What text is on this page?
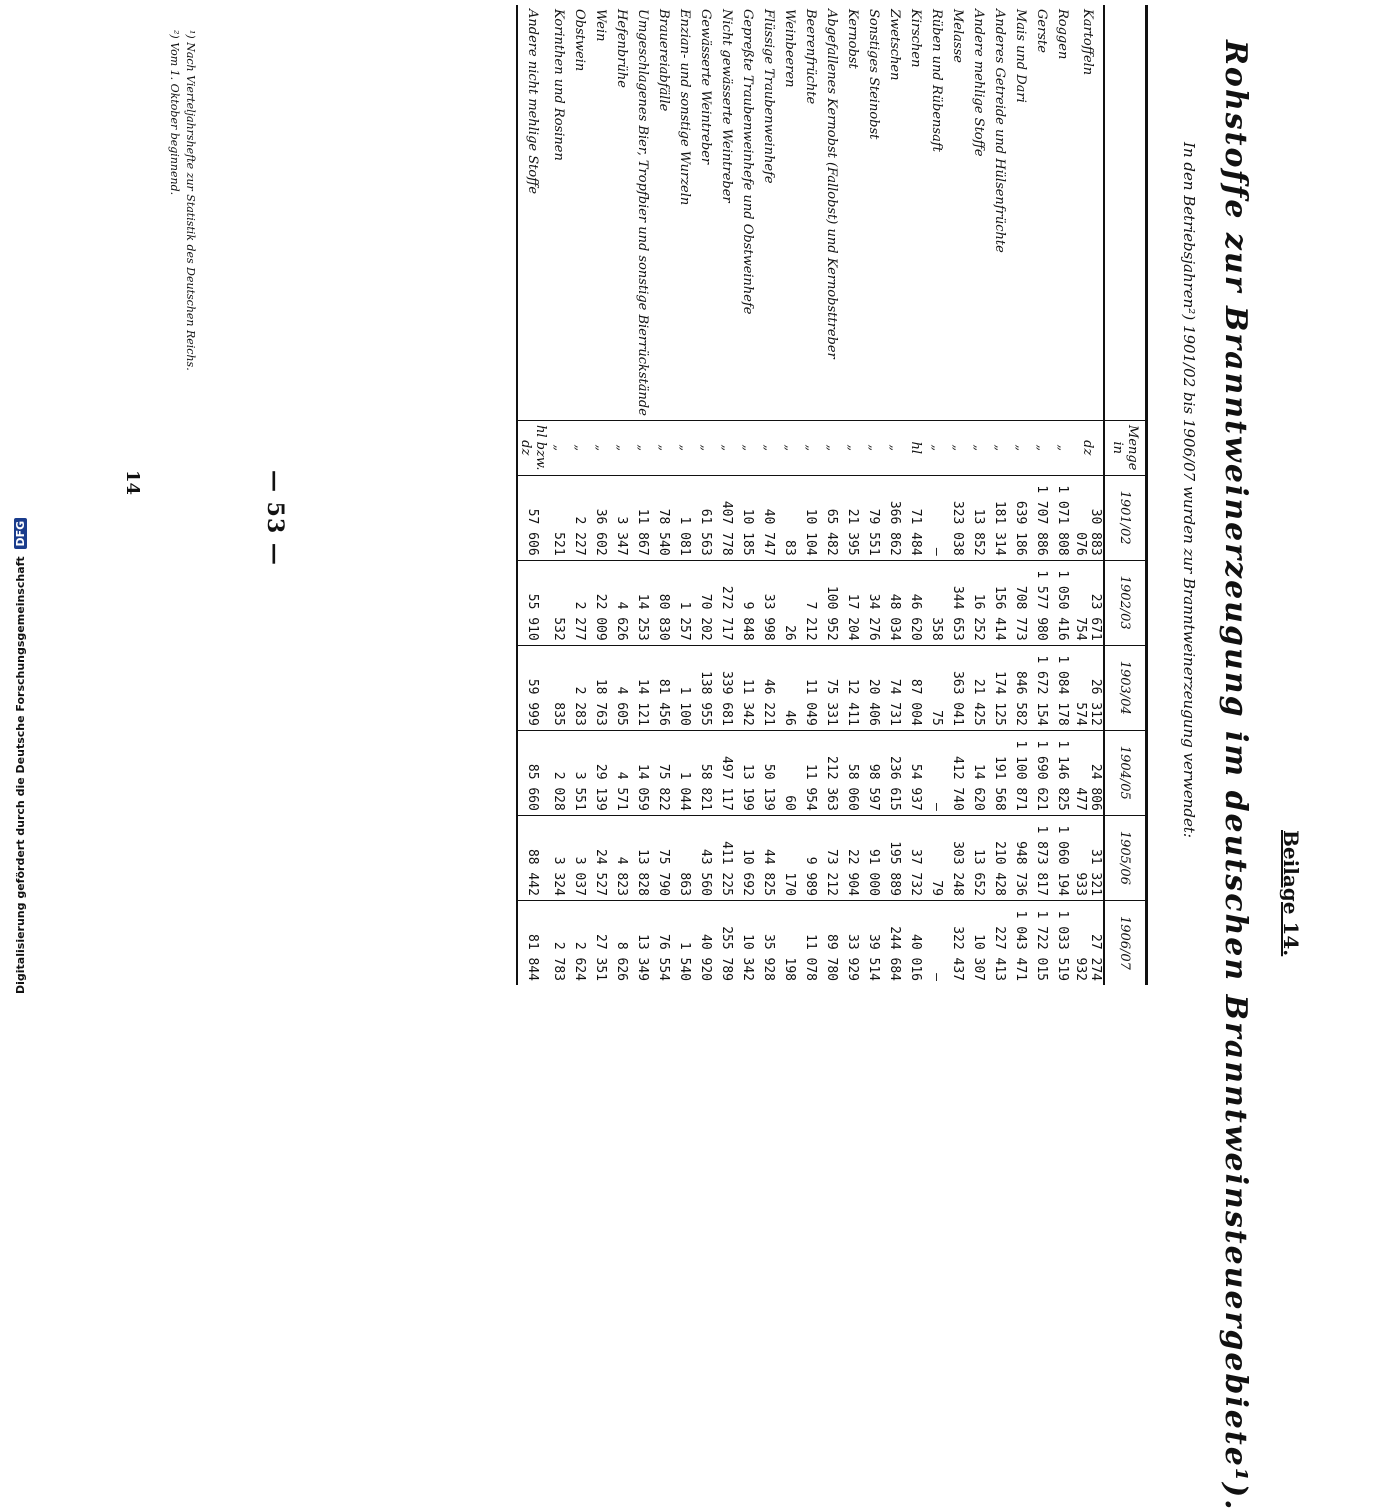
— 53 —
Beilage 14.
Rohstoffe zur Branntweinerzeugung im deutschen Branntweinsteuergebiete¹).
In den Betriebsjahren²) 1901/02 bis 1906/07 wurden zur Branntweinerzeugung verwendet:
	Menge in	1901/02	1902/03	1903/04	1904/05	1905/06	1906/07
Kartoffeln	dz	30 883 076	23 671 754	26 312 574	24 806 477	31 321 933	27 274 932
Roggen	„	1 071 808	1 050 416	1 084 178	1 146 825	1 060 194	1 033 519
Gerste	„	1 707 886	1 577 980	1 672 154	1 690 621	1 873 817	1 722 015
Mais und Dari	„	639 186	708 773	846 582	1 100 871	948 736	1 043 471
Anderes Getreide und Hülsenfrüchte	„	181 314	156 414	174 125	191 568	210 428	227 413
Andere mehlige Stoffe	„	13 852	16 252	21 425	14 620	13 652	10 307
Melasse	„	323 038	344 653	363 041	412 740	303 248	322 437
Rüben und Rübensaft	„	—	358	75	—	79	—
Kirschen	hl	71 484	46 620	87 004	54 937	37 732	40 016
Zwetschen	„	366 862	48 034	74 731	236 615	195 889	244 684
Sonstiges Steinobst	„	79 551	34 276	20 406	98 597	91 000	39 514
Kernobst	„	21 395	17 204	12 411	58 060	22 904	33 929
Abgefallenes Kernobst (Fallobst) und Kernobsttreber	„	65 482	100 952	75 331	212 363	73 212	89 780
Beerenfrüchte	„	10 104	7 212	11 049	11 954	9 989	11 078
Weinbeeren	„	83	26	46	60	170	198
Flüssige Traubenweinhefe	„	40 747	33 998	46 221	50 139	44 825	35 928
Gepreßte Traubenweinhefe und Obstweinhefe	„	10 185	9 848	11 342	13 199	10 692	10 342
Nicht gewässerte Weintreber	„	407 778	272 717	339 681	497 117	411 225	255 789
Gewässerte Weintreber	„	61 563	70 202	138 955	58 821	43 560	40 920
Enzian- und sonstige Wurzeln	„	1 081	1 257	1 100	1 044	863	1 540
Brauereiabfälle	„	78 540	80 830	81 456	75 822	75 790	76 554
Umgeschlagenes Bier, Tropfbier und sonstige Bierrückstände	„	11 867	14 253	14 121	14 059	13 828	13 349
Hefenbrühe	„	3 347	4 626	4 605	4 571	4 823	8 626
Wein	„	36 602	22 009	18 763	29 139	24 527	27 351
Obstwein	„	2 227	2 277	2 283	3 551	3 037	2 624
Korinthen und Rosinen	„	521	532	835	2 028	3 324	2 783
Andere nicht mehlige Stoffe	hl bzw. dz	57 606	55 910	59 999	85 660	88 442	81 844
¹) Nach Vierteljahrshefte zur Statistik des Deutschen Reichs.
²) Vom 1. Oktober beginnend.
14
Digitalisierung gefördert durch die Deutsche Forschungsgemeinschaft DFG
